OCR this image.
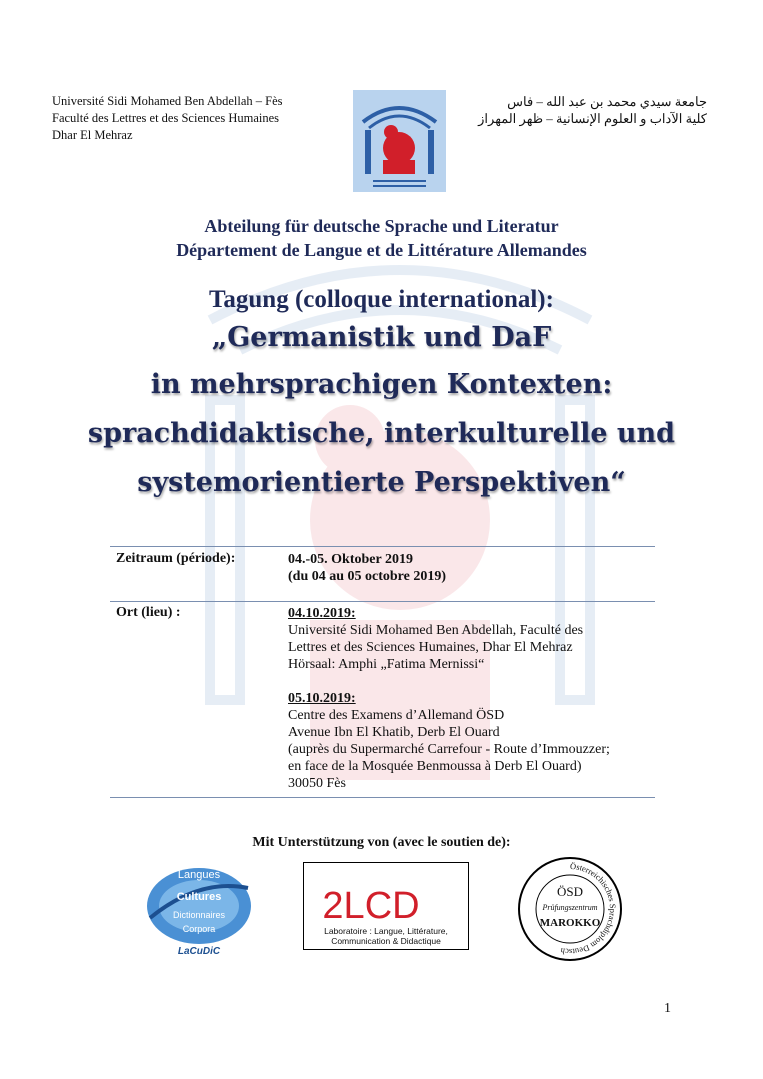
Université Sidi Mohamed Ben Abdellah – Fès
Faculté des Lettres et des Sciences Humaines
Dhar El Mehraz
جامعة سيدي محمد بن عبد الله – فاس
كلية الآداب و العلوم الإنسانية – ظهر المهراز
Abteilung für deutsche Sprache und Literatur
Département de Langue et de Littérature Allemandes
Tagung (colloque international):
„Germanistik und DaF
in mehrsprachigen Kontexten:
sprachdidaktische, interkulturelle und
systemorientierte Perspektiven“
Zeitraum (période):	04.-05. Oktober 2019
(du 04 au 05 octobre 2019)
Ort (lieu) :	04.10.2019:
Université Sidi Mohamed Ben Abdellah, Faculté des
Lettres et des Sciences Humaines, Dhar El Mehraz
Hörsaal: Amphi „Fatima Mernissi“
05.10.2019:
Centre des Examens d’Allemand ÖSD
Avenue Ibn El Khatib, Derb El Ouard
(auprès du Supermarché Carrefour - Route d’Immouzzer;
en face de la Mosquée Benmoussa à Derb El Ouard)
30050 Fès
Mit Unterstützung von (avec le soutien de):
Langues
Cultures
Dictionnaires
Corpora
LaCuDiC
2LCD
Laboratoire : Langue, Littérature,
Communication & Didactique
Österreichisches Sprachdiplom Deutsch
ÖSD
Prüfungszentrum
MAROKKO
1
